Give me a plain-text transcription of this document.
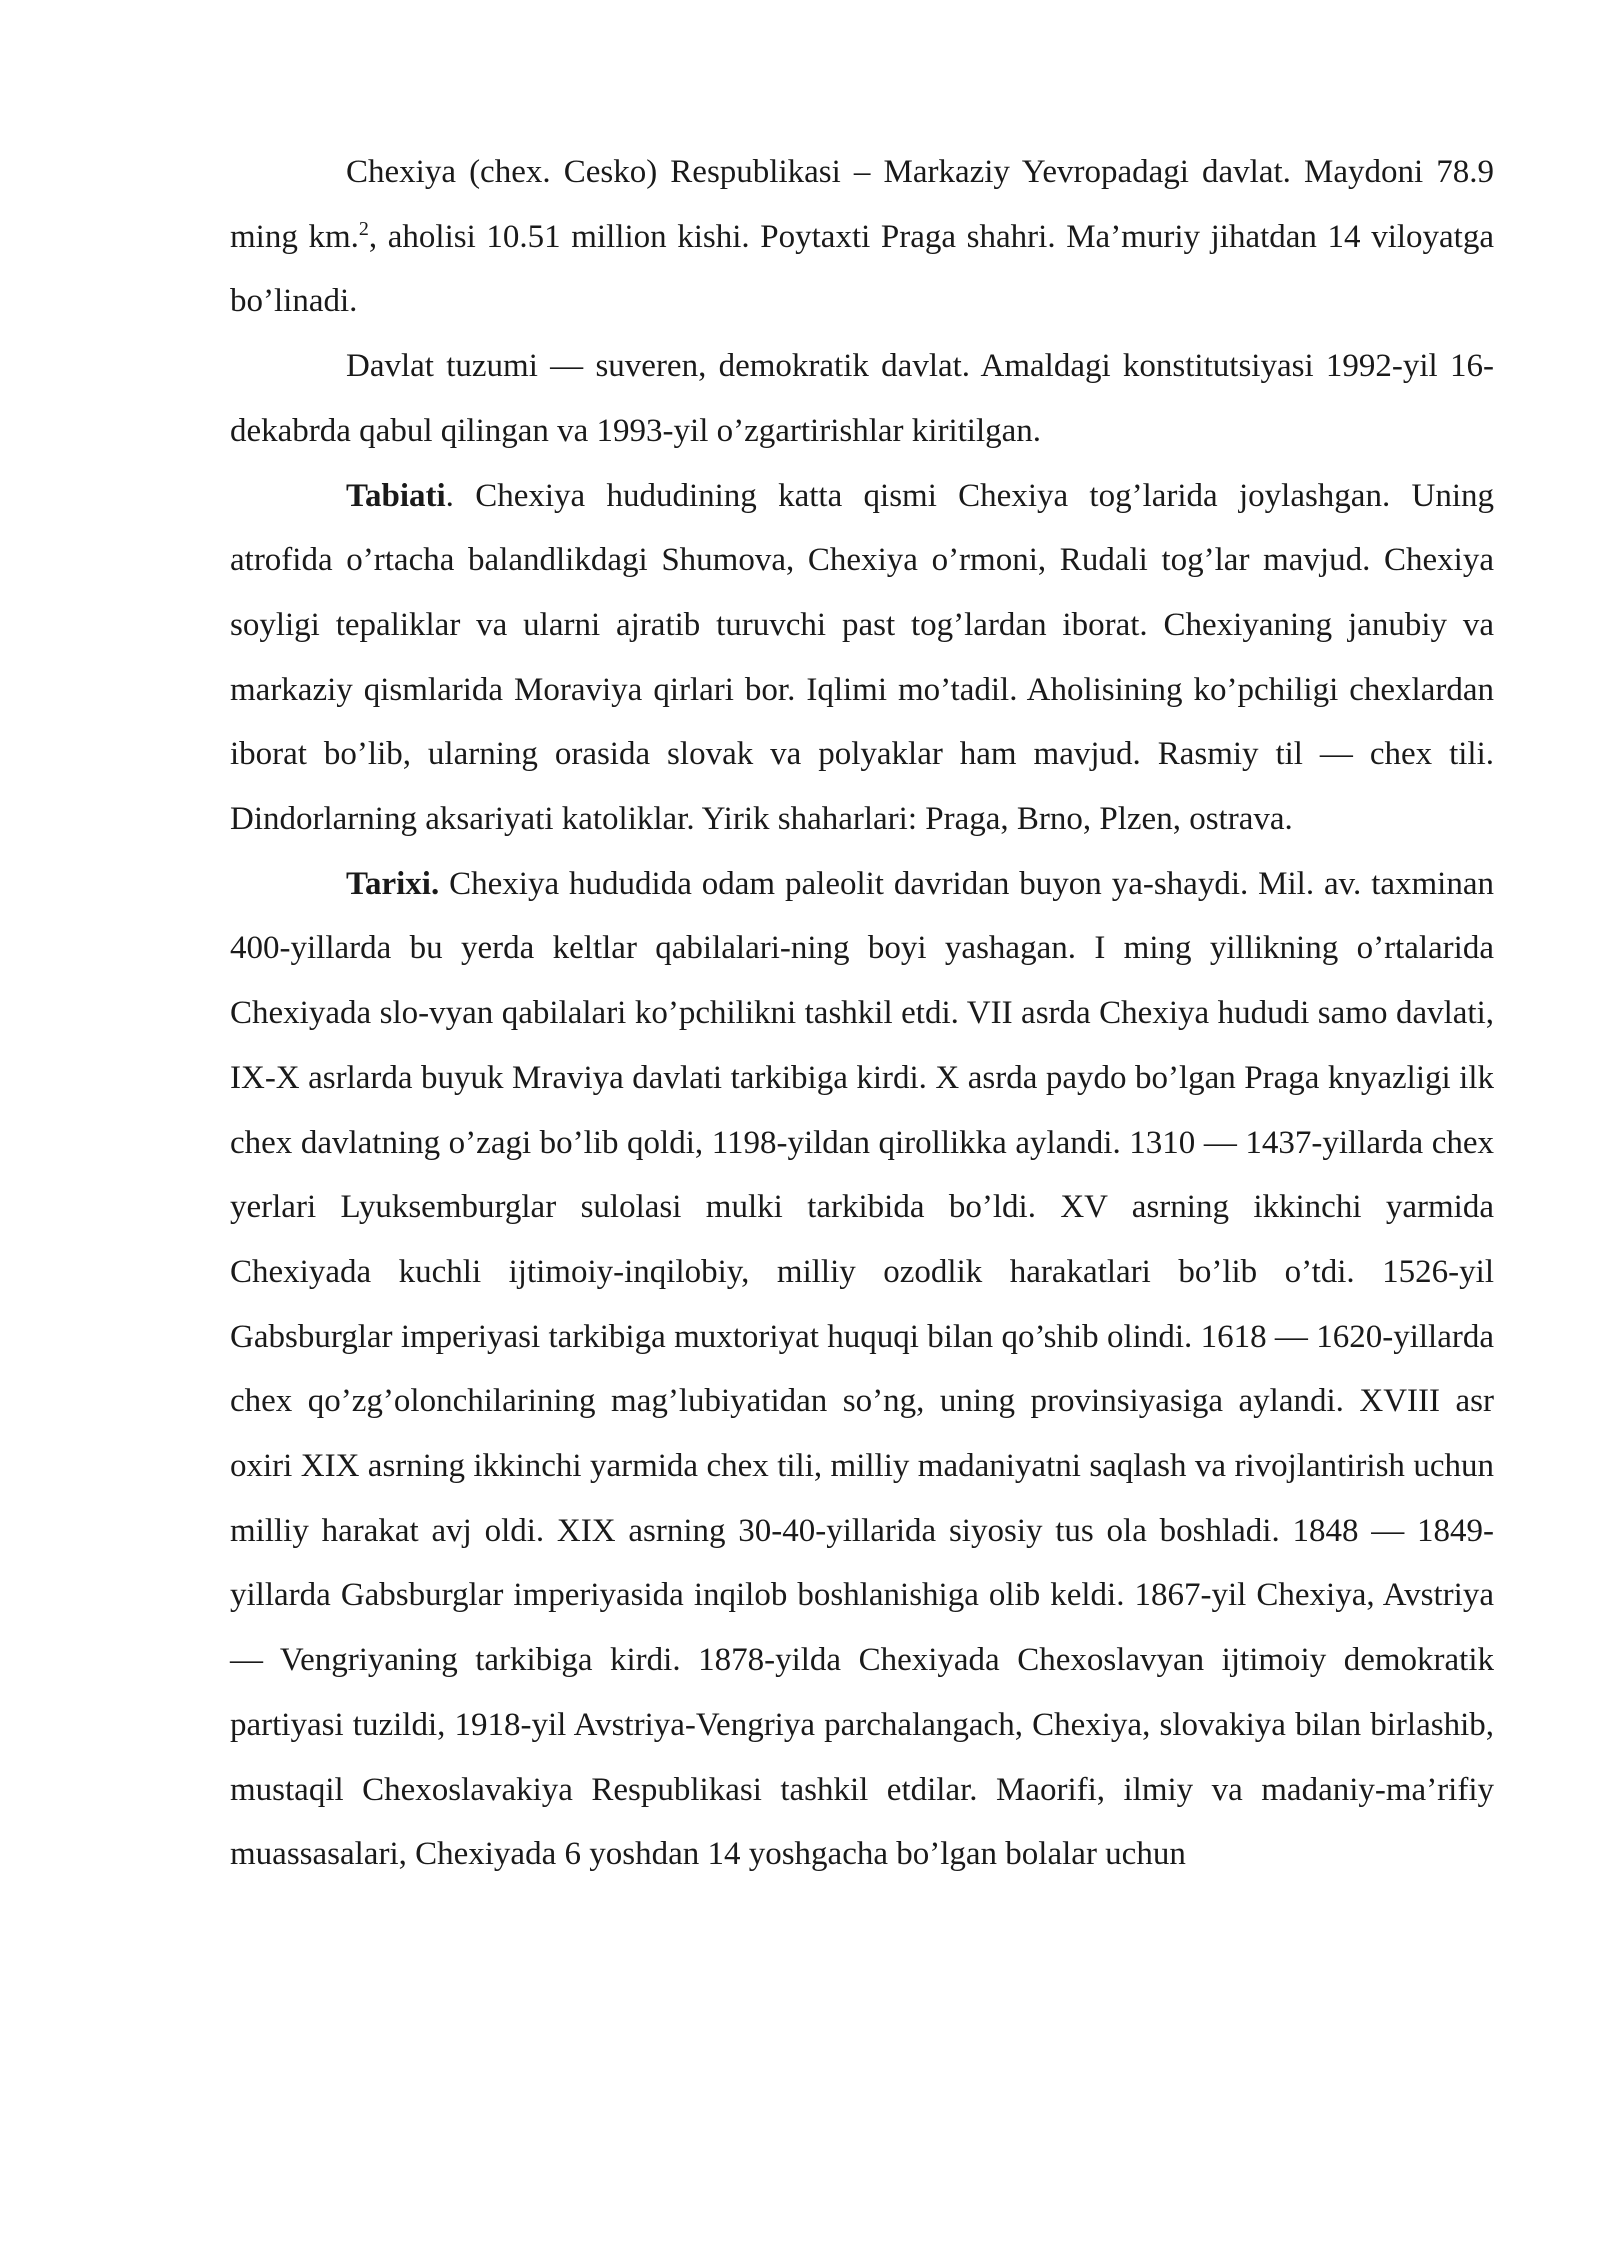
Chexiya (chex. Cesko) Respublikasi – Markaziy Yevropadagi davlat. Maydoni 78.9 ming km.$^2$, aholisi 10.51 million kishi. Poytaxti Praga shahri. Ma’muriy jihatdan 14 viloyatga bo’linadi.

Davlat tuzumi — suveren, demokratik davlat. Amaldagi konstitutsiyasi 1992-yil 16-dekabrda qabul qilingan va 1993-yil o’zgartirishlar kiritilgan.

Tabiati. Chexiya hududining katta qismi Chexiya tog’larida joylashgan. Uning atrofida o’rtacha balandlikdagi Shumova, Chexiya o’rmoni, Rudali tog’lar mavjud. Chexiya soyligi tepaliklar va ularni ajratib turuvchi past tog’lardan iborat. Chexiyaning janubiy va markaziy qismlarida Moraviya qirlari bor. Iqlimi mo’tadil. Aholisining ko’pchiligi chexlardan iborat bo’lib, ularning orasida slovak va polyaklar ham mavjud. Rasmiy til — chex tili. Dindorlarning aksariyati katoliklar. Yirik shaharlari: Praga, Brno, Plzen, ostrava.

Tarixi. Chexiya hududida odam paleolit davridan buyon ya-shaydi. Mil. av. taxminan 400-yillarda bu yerda keltlar qabilalari-ning boyi yashagan. I ming yillikning o’rtalarida Chexiyada slo-vyan qabilalari ko’pchilikni tashkil etdi. VII asrda Chexiya hududi samo davlati, IX-X asrlarda buyuk Mraviya davlati tarkibiga kirdi. X asrda paydo bo’lgan Praga knyazligi ilk chex davlatning o’zagi bo’lib qoldi, 1198-yildan qirollikka aylandi. 1310 — 1437-yillarda chex yerlari Lyuksemburglar sulolasi mulki tarkibida bo’ldi. XV asrning ikkinchi yarmida Chexiyada kuchli ijtimoiy-inqilobiy, milliy ozodlik harakatlari bo’lib o’tdi. 1526-yil Gabsburglar imperiyasi tarkibiga muxtoriyat huquqi bilan qo’shib olindi. 1618 — 1620-yillarda chex qo’zg’olonchilarining mag’lubiyatidan so’ng, uning provinsiyasiga aylandi. XVIII asr oxiri XIX asrning ikkinchi yarmida chex tili, milliy madaniyatni saqlash va rivojlantirish uchun milliy harakat avj oldi. XIX asrning 30-40-yillarida siyosiy tus ola boshladi. 1848 — 1849-yillarda Gabsburglar imperiyasida inqilob boshlanishiga olib keldi. 1867-yil Chexiya, Avstriya — Vengriyaning tarkibiga kirdi. 1878-yilda Chexiyada Chexoslavyan ijtimoiy demokratik partiyasi tuzildi, 1918-yil Avstriya-Vengriya parchalangach, Chexiya, slovakiya bilan birlashib, mustaqil Chexoslavakiya Respublikasi tashkil etdilar. Maorifi, ilmiy va madaniy-ma’rifiy muassasalari, Chexiyada 6 yoshdan 14 yoshgacha bo’lgan bolalar uchun
